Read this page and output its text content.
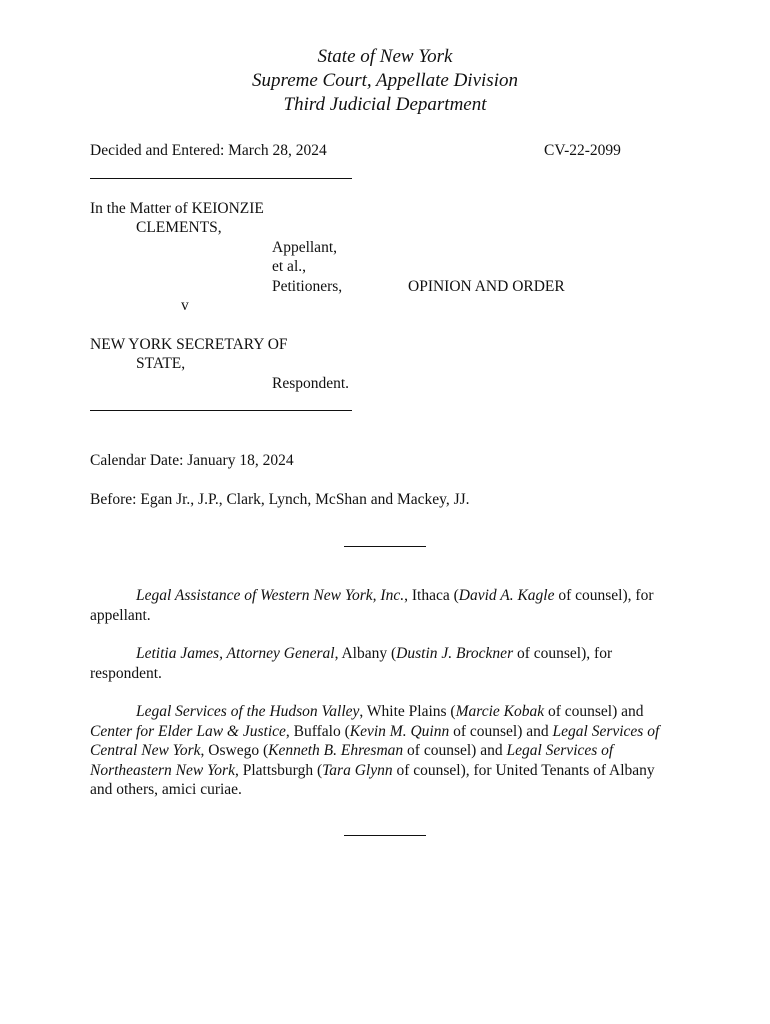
State of New York
Supreme Court, Appellate Division
Third Judicial Department
Decided and Entered: March 28, 2024	CV-22-2099
In the Matter of KEIONZIE
CLEMENTS,
Appellant,
et al.,
Petitioners,	OPINION AND ORDER
v
NEW YORK SECRETARY OF
STATE,
Respondent.
Calendar Date: January 18, 2024
Before: Egan Jr., J.P., Clark, Lynch, McShan and Mackey, JJ.
Legal Assistance of Western New York, Inc., Ithaca (David A. Kagle of counsel), for appellant.
Letitia James, Attorney General, Albany (Dustin J. Brockner of counsel), for respondent.
Legal Services of the Hudson Valley, White Plains (Marcie Kobak of counsel) and Center for Elder Law & Justice, Buffalo (Kevin M. Quinn of counsel) and Legal Services of Central New York, Oswego (Kenneth B. Ehresman of counsel) and Legal Services of Northeastern New York, Plattsburgh (Tara Glynn of counsel), for United Tenants of Albany and others, amici curiae.
